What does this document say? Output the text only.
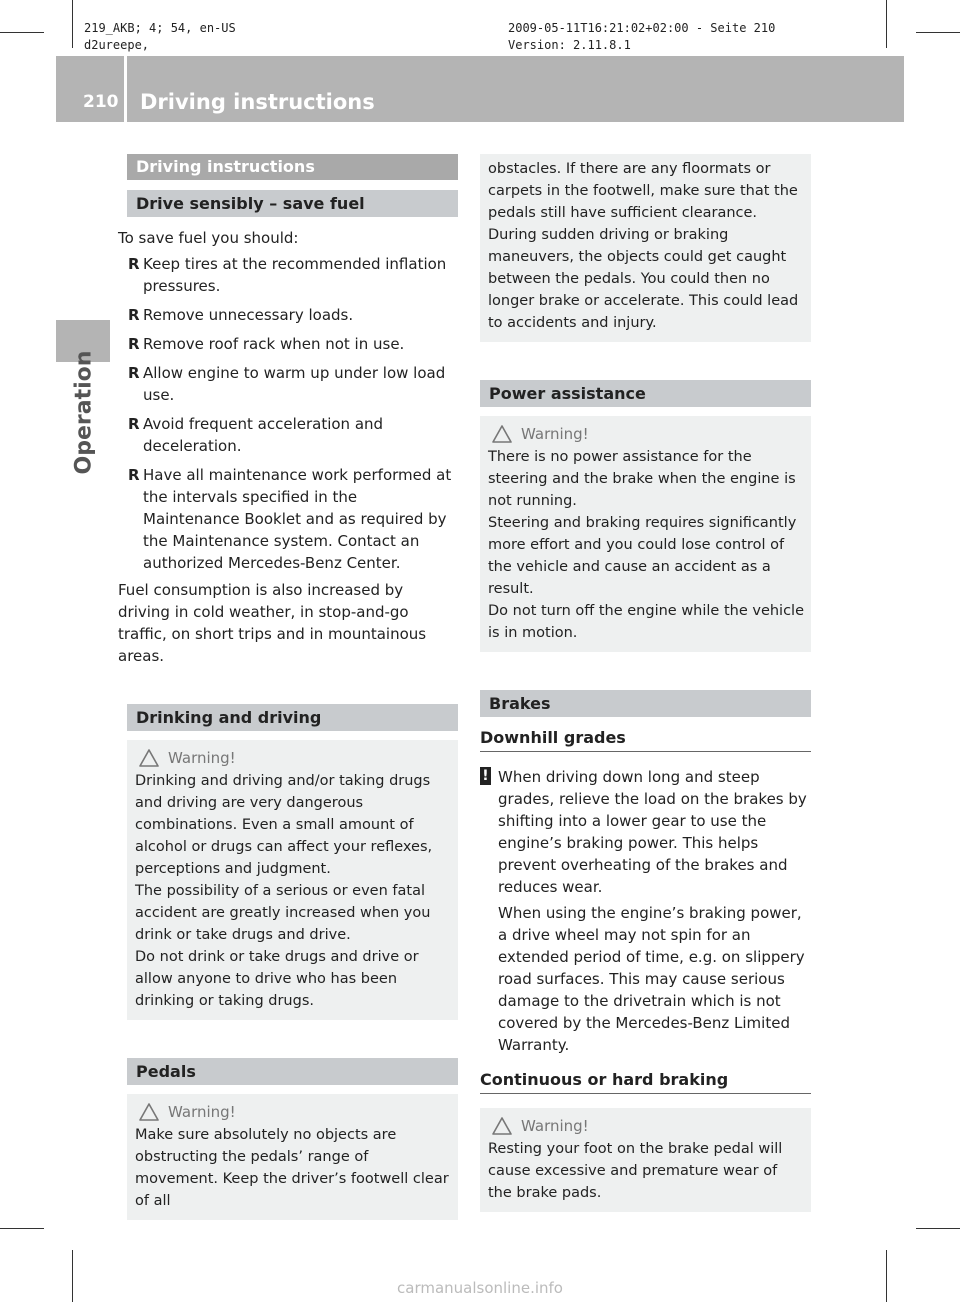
219_AKB; 4; 54, en-US
d2ureepe,
2009-05-11T16:21:02+02:00 - Seite 210
Version: 2.11.8.1
210 Driving instructions
Operation
Driving instructions
Drive sensibly – save fuel

To save fuel you should:

R Keep tires at the recommended inflation pressures.
R Remove unnecessary loads.
R Remove roof rack when not in use.
R Allow engine to warm up under low load use.
R Avoid frequent acceleration and deceleration.
R Have all maintenance work performed at the intervals specified in the Maintenance Booklet and as required by the Maintenance system. Contact an authorized Mercedes-Benz Center.

Fuel consumption is also increased by driving in cold weather, in stop-and-go traffic, on short trips and in mountainous areas.

Drinking and driving
Warning!

Drinking and driving and/or taking drugs and driving are very dangerous combinations. Even a small amount of alcohol or drugs can affect your reflexes, perceptions and judgment.

The possibility of a serious or even fatal accident are greatly increased when you drink or take drugs and drive.

Do not drink or take drugs and drive or allow anyone to drive who has been drinking or taking drugs.

Pedals
Warning!

Make sure absolutely no objects are obstructing the pedals’ range of movement. Keep the driver’s footwell clear of all

obstacles. If there are any floormats or carpets in the footwell, make sure that the pedals still have sufficient clearance.

During sudden driving or braking maneuvers, the objects could get caught between the pedals. You could then no longer brake or accelerate. This could lead to accidents and injury.

Power assistance
Warning!

There is no power assistance for the steering and the brake when the engine is not running.

Steering and braking requires significantly more effort and you could lose control of the vehicle and cause an accident as a result.

Do not turn off the engine while the vehicle is in motion.

Brakes
Downhill grades
! When driving down long and steep grades, relieve the load on the brakes by shifting into a lower gear to use the engine’s braking power. This helps prevent overheating of the brakes and reduces wear.

When using the engine’s braking power, a drive wheel may not spin for an extended period of time, e.g. on slippery road surfaces. This may cause serious damage to the drivetrain which is not covered by the Mercedes-Benz Limited Warranty.

Continuous or hard braking
Warning!

Resting your foot on the brake pedal will cause excessive and premature wear of the brake pads.

carmanualsonline.info
